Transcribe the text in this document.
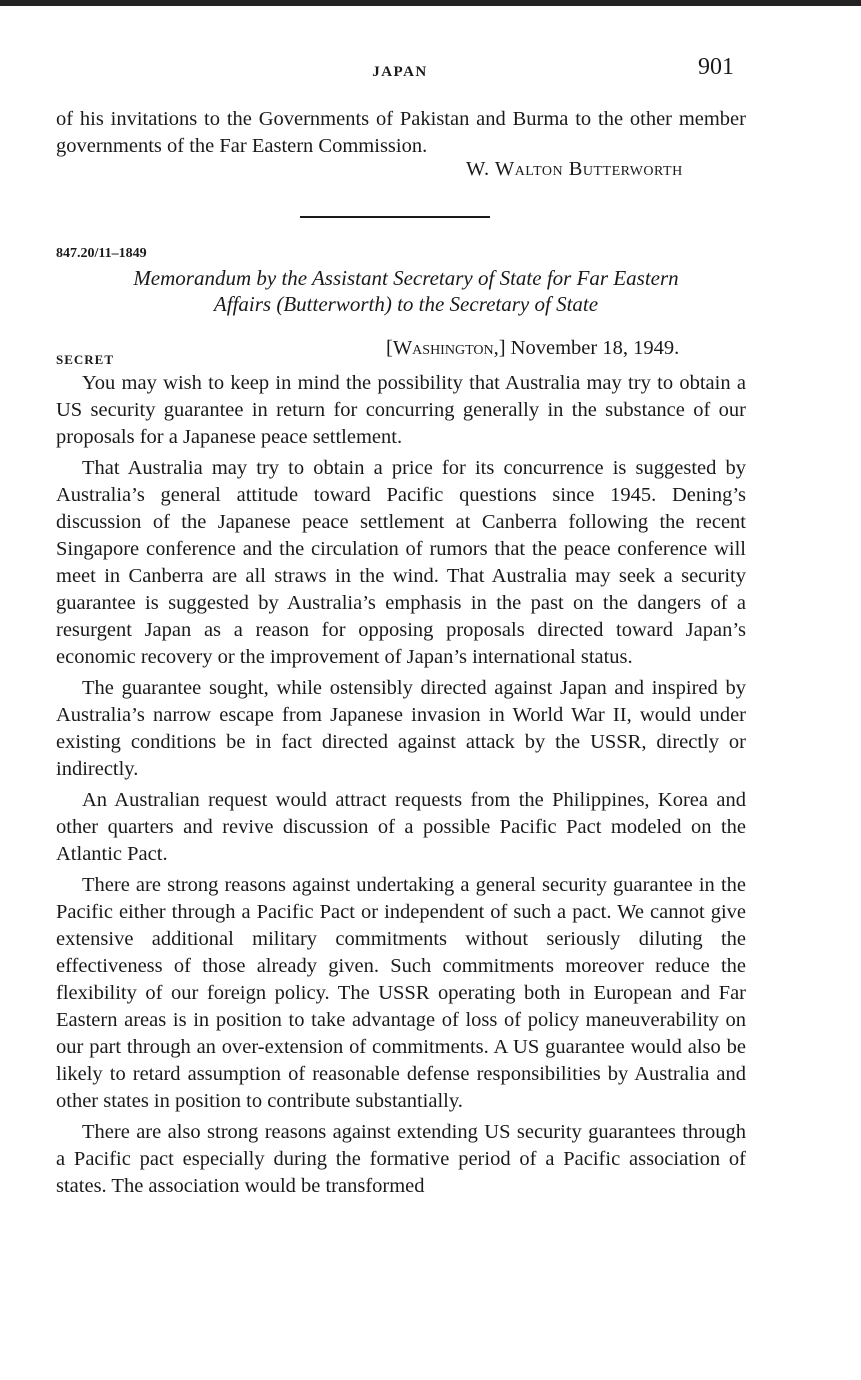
JAPAN	901

of his invitations to the Governments of Pakistan and Burma to the other member governments of the Far Eastern Commission.

W. Walton Butterworth
847.20/11–1849
Memorandum by the Assistant Secretary of State for Far Eastern
Affairs (Butterworth) to the Secretary of State
SECRET
[Washington,] November 18, 1949.

You may wish to keep in mind the possibility that Australia may try to obtain a US security guarantee in return for concurring generally in the substance of our proposals for a Japanese peace settlement.

That Australia may try to obtain a price for its concurrence is suggested by Australia’s general attitude toward Pacific questions since 1945. Dening’s discussion of the Japanese peace settlement at Canberra following the recent Singapore conference and the circulation of rumors that the peace conference will meet in Canberra are all straws in the wind. That Australia may seek a security guarantee is suggested by Australia’s emphasis in the past on the dangers of a resurgent Japan as a reason for opposing proposals directed toward Japan’s economic recovery or the improvement of Japan’s international status.

The guarantee sought, while ostensibly directed against Japan and inspired by Australia’s narrow escape from Japanese invasion in World War II, would under existing conditions be in fact directed against attack by the USSR, directly or indirectly.

An Australian request would attract requests from the Philippines, Korea and other quarters and revive discussion of a possible Pacific Pact modeled on the Atlantic Pact.

There are strong reasons against undertaking a general security guarantee in the Pacific either through a Pacific Pact or independent of such a pact. We cannot give extensive additional military commitments without seriously diluting the effectiveness of those already given. Such commitments moreover reduce the flexibility of our foreign policy. The USSR operating both in European and Far Eastern areas is in position to take advantage of loss of policy maneuverability on our part through an over-extension of commitments. A US guarantee would also be likely to retard assumption of reasonable defense responsibilities by Australia and other states in position to contribute substantially.

There are also strong reasons against extending US security guarantees through a Pacific pact especially during the formative period of a Pacific association of states. The association would be transformed
